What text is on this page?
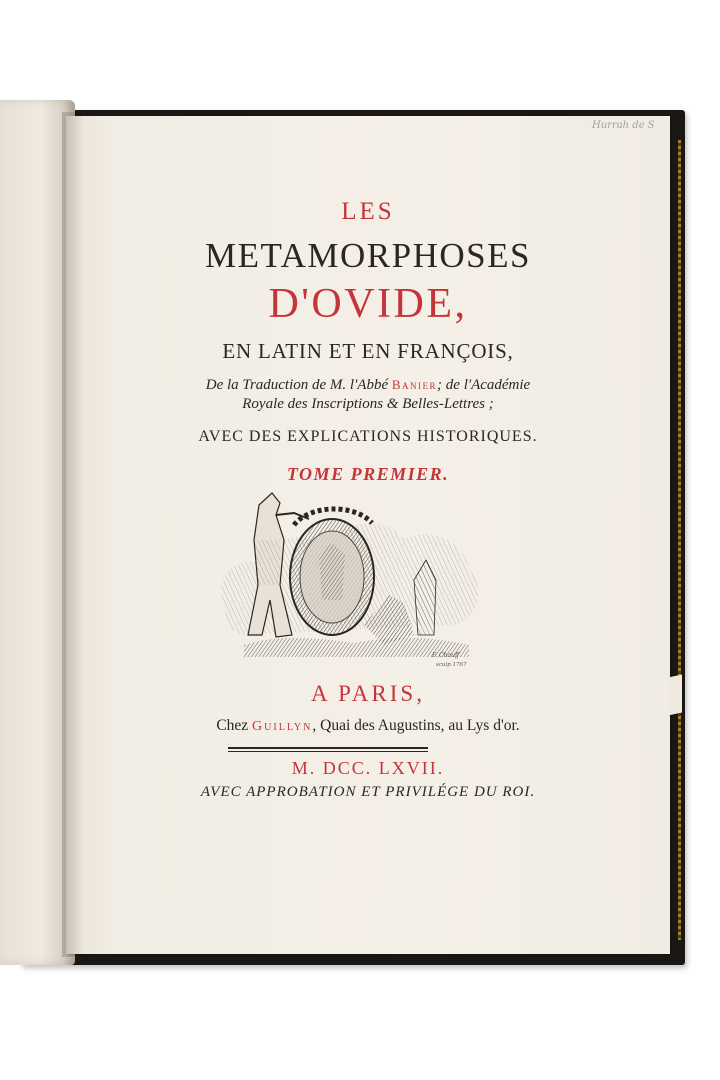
Hurrah de S
LES
METAMORPHOSES
D'OVIDE,
EN LATIN ET EN FRANÇOIS,
De la Traduction de M. l'Abbé Banier; de l'Académie
Royale des Inscriptions & Belles-Lettres ;
AVEC DES EXPLICATIONS HISTORIQUES.
TOME PREMIER.
F. Chauff
sculp 1767
A PARIS,
Chez Guillyn, Quai des Augustins, au Lys d'or.
M. DCC. LXVII.
AVEC APPROBATION ET PRIVILÉGE DU ROI.
